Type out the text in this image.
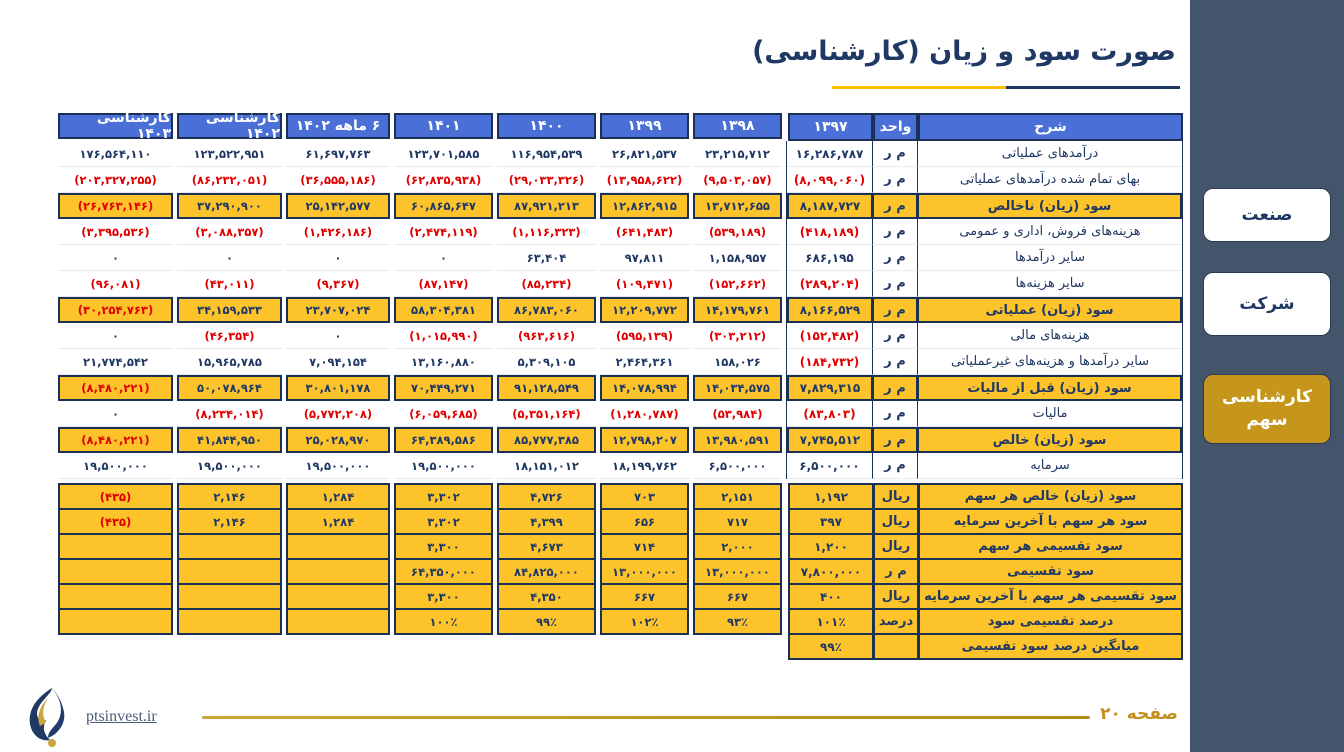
صورت سود و زیان (کارشناسی)
شرح
واحد
۱۳۹۷
درآمدهای عملیاتی
م ر
۱۶,۲۸۶,۷۸۷
بهای تمام شده درآمدهای عملیاتی
م ر
(۸,۰۹۹,۰۶۰)
سود (زیان) ناخالص
م ر
۸,۱۸۷,۷۲۷
هزینه‌های فروش، اداری و عمومی
م ر
(۴۱۸,۱۸۹)
سایر درآمدها
م ر
۶۸۶,۱۹۵
سایر هزینه‌ها
م ر
(۲۸۹,۲۰۴)
سود (زیان) عملیاتی
م ر
۸,۱۶۶,۵۲۹
هزینه‌های مالی
م ر
(۱۵۲,۴۸۲)
سایر درآمدها و هزینه‌های غیرعملیاتی
م ر
(۱۸۴,۷۳۲)
سود (زیان) قبل از مالیات
م ر
۷,۸۲۹,۳۱۵
مالیات
م ر
(۸۳,۸۰۳)
سود (زیان) خالص
م ر
۷,۷۴۵,۵۱۲
سرمایه
م ر
۶,۵۰۰,۰۰۰
سود (زیان) خالص هر سهم
ریال
۱,۱۹۲
سود هر سهم با آخرین سرمایه
ریال
۳۹۷
سود تقسیمی هر سهم
ریال
۱,۲۰۰
سود تقسیمی
م ر
۷,۸۰۰,۰۰۰
سود تقسیمی هر سهم با آخرین سرمایه
ریال
۴۰۰
درصد تقسیمی سود
درصد
۱۰۱٪
میانگین درصد سود تقسیمی
۹۹٪
۱۳۹۸
۲۳,۲۱۵,۷۱۲
(۹,۵۰۳,۰۵۷)
۱۳,۷۱۲,۶۵۵
(۵۳۹,۱۸۹)
۱,۱۵۸,۹۵۷
(۱۵۲,۶۶۲)
۱۴,۱۷۹,۷۶۱
(۳۰۳,۲۱۲)
۱۵۸,۰۲۶
۱۴,۰۳۴,۵۷۵
(۵۳,۹۸۴)
۱۳,۹۸۰,۵۹۱
۶,۵۰۰,۰۰۰
۲,۱۵۱
۷۱۷
۲,۰۰۰
۱۳,۰۰۰,۰۰۰
۶۶۷
۹۳٪
۱۳۹۹
۲۶,۸۲۱,۵۳۷
(۱۳,۹۵۸,۶۲۲)
۱۲,۸۶۲,۹۱۵
(۶۴۱,۴۸۳)
۹۷,۸۱۱
(۱۰۹,۴۷۱)
۱۲,۲۰۹,۷۷۲
(۵۹۵,۱۳۹)
۲,۴۶۴,۳۶۱
۱۴,۰۷۸,۹۹۴
(۱,۲۸۰,۷۸۷)
۱۲,۷۹۸,۲۰۷
۱۸,۱۹۹,۷۶۲
۷۰۳
۶۵۶
۷۱۴
۱۳,۰۰۰,۰۰۰
۶۶۷
۱۰۲٪
۱۴۰۰
۱۱۶,۹۵۴,۵۳۹
(۲۹,۰۳۳,۳۲۶)
۸۷,۹۲۱,۲۱۳
(۱,۱۱۶,۳۲۳)
۶۳,۴۰۴
(۸۵,۲۳۴)
۸۶,۷۸۳,۰۶۰
(۹۶۳,۶۱۶)
۵,۳۰۹,۱۰۵
۹۱,۱۲۸,۵۴۹
(۵,۳۵۱,۱۶۴)
۸۵,۷۷۷,۳۸۵
۱۸,۱۵۱,۰۱۲
۴,۷۲۶
۴,۳۹۹
۴,۶۷۳
۸۴,۸۲۵,۰۰۰
۴,۳۵۰
۹۹٪
۱۴۰۱
۱۲۳,۷۰۱,۵۸۵
(۶۲,۸۳۵,۹۳۸)
۶۰,۸۶۵,۶۴۷
(۲,۴۷۴,۱۱۹)
۰
(۸۷,۱۴۷)
۵۸,۳۰۴,۳۸۱
(۱,۰۱۵,۹۹۰)
۱۳,۱۶۰,۸۸۰
۷۰,۴۴۹,۲۷۱
(۶,۰۵۹,۶۸۵)
۶۴,۳۸۹,۵۸۶
۱۹,۵۰۰,۰۰۰
۳,۳۰۲
۳,۳۰۲
۳,۳۰۰
۶۴,۳۵۰,۰۰۰
۳,۳۰۰
۱۰۰٪
۶ ماهه ۱۴۰۲
۶۱,۶۹۷,۷۶۳
(۳۶,۵۵۵,۱۸۶)
۲۵,۱۴۲,۵۷۷
(۱,۴۲۶,۱۸۶)
۰
(۹,۳۶۷)
۲۳,۷۰۷,۰۲۴
۰
۷,۰۹۴,۱۵۴
۳۰,۸۰۱,۱۷۸
(۵,۷۷۲,۲۰۸)
۲۵,۰۲۸,۹۷۰
۱۹,۵۰۰,۰۰۰
۱,۲۸۴
۱,۲۸۴
کارشناسی ۱۴۰۲
۱۲۳,۵۲۲,۹۵۱
(۸۶,۲۳۲,۰۵۱)
۳۷,۲۹۰,۹۰۰
(۳,۰۸۸,۳۵۷)
۰
(۴۳,۰۱۱)
۳۴,۱۵۹,۵۳۳
(۴۶,۳۵۴)
۱۵,۹۶۵,۷۸۵
۵۰,۰۷۸,۹۶۴
(۸,۲۳۴,۰۱۴)
۴۱,۸۴۴,۹۵۰
۱۹,۵۰۰,۰۰۰
۲,۱۴۶
۲,۱۴۶
کارشناسی ۱۴۰۳
۱۷۶,۵۶۴,۱۱۰
(۲۰۳,۳۲۷,۲۵۵)
(۲۶,۷۶۳,۱۴۶)
(۳,۳۹۵,۵۳۶)
۰
(۹۶,۰۸۱)
(۳۰,۲۵۴,۷۶۳)
۰
۲۱,۷۷۴,۵۴۲
(۸,۴۸۰,۲۲۱)
۰
(۸,۴۸۰,۲۲۱)
۱۹,۵۰۰,۰۰۰
(۴۳۵)
(۴۳۵)
صنعت
شرکت
کارشناسی سهم
ptsinvest.ir	صفحه ۲۰
